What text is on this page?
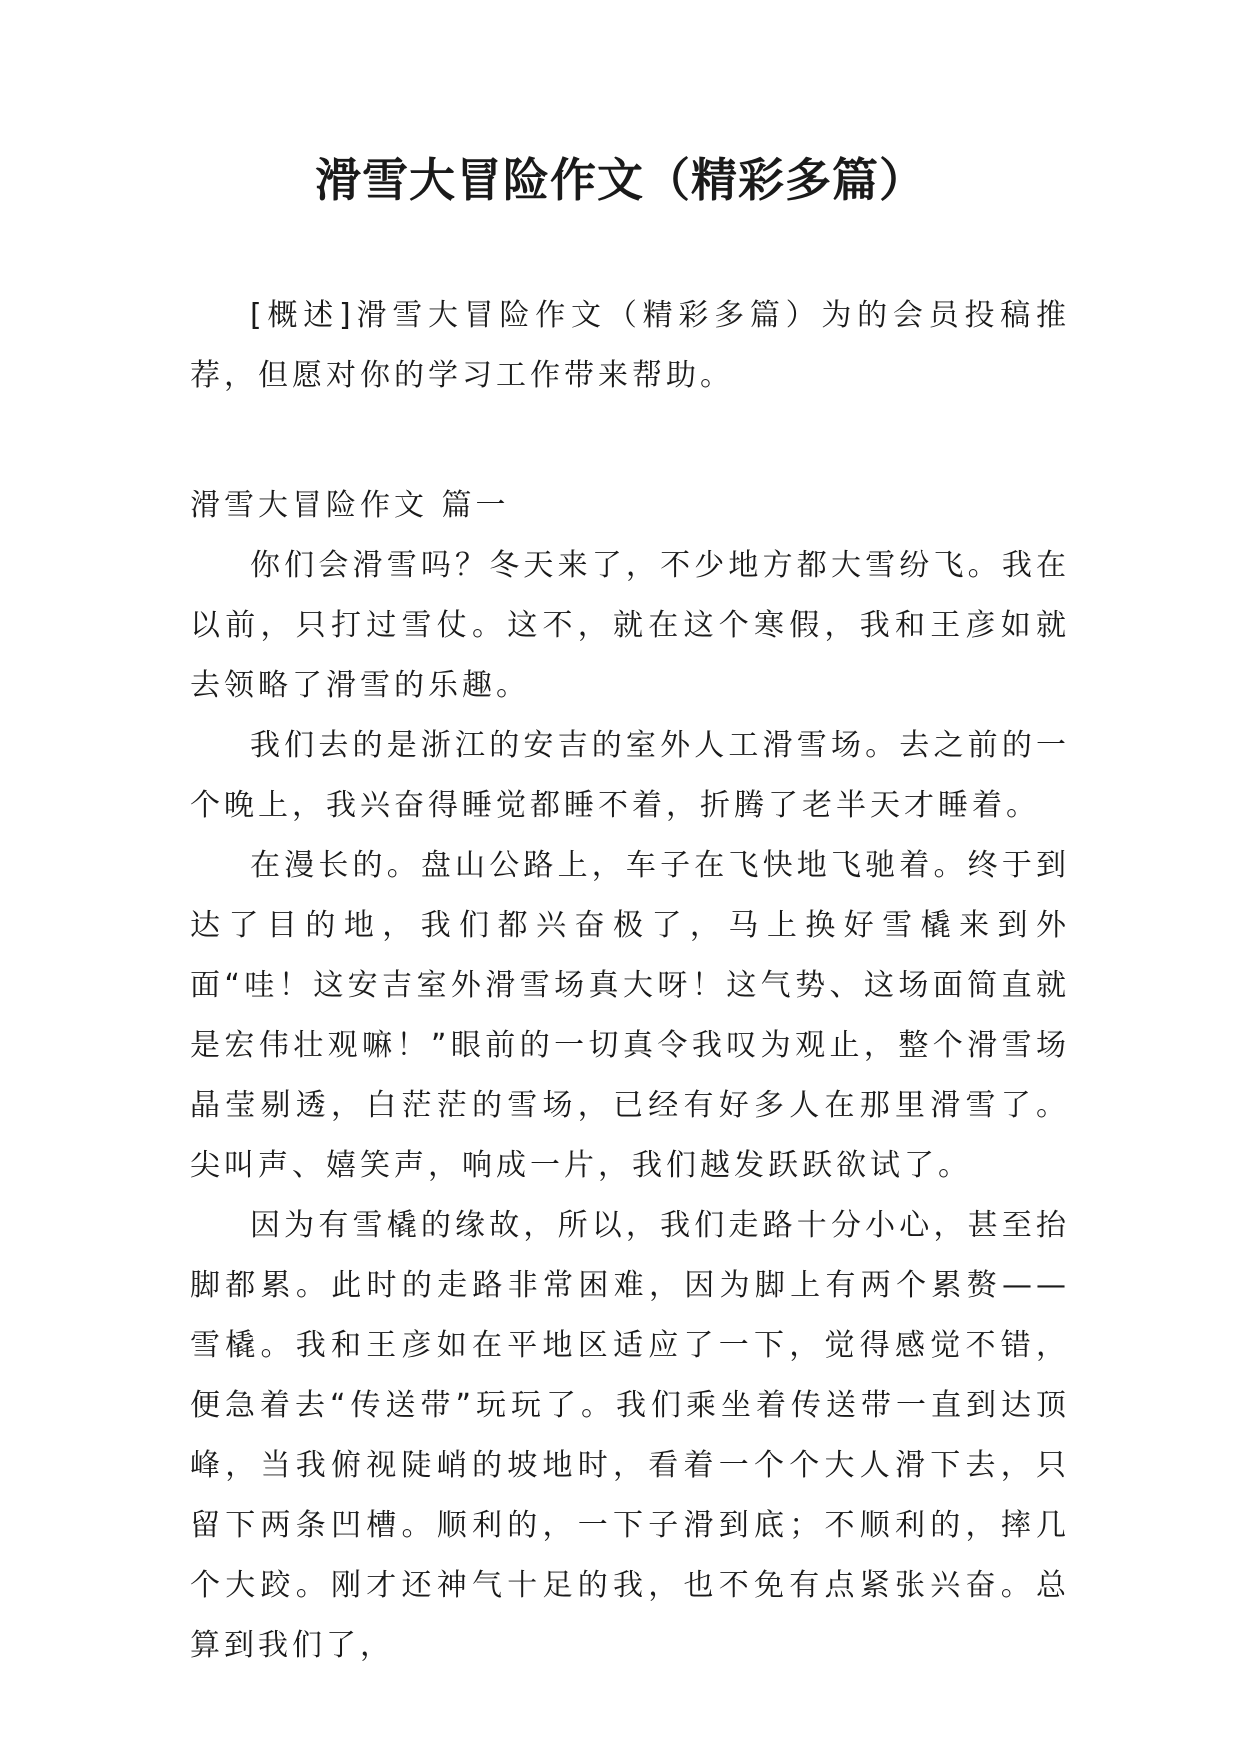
滑雪大冒险作文（精彩多篇）

[概述]滑雪大冒险作文（精彩多篇）为的会员投稿推荐，但愿对你的学习工作带来帮助。

滑雪大冒险作文 篇一

你们会滑雪吗？冬天来了，不少地方都大雪纷飞。我在以前，只打过雪仗。这不，就在这个寒假，我和王彦如就去领略了滑雪的乐趣。

我们去的是浙江的安吉的室外人工滑雪场。去之前的一个晚上，我兴奋得睡觉都睡不着，折腾了老半天才睡着。

在漫长的。盘山公路上，车子在飞快地飞驰着。终于到达了目的地，我们都兴奋极了，马上换好雪橇来到外面“哇！这安吉室外滑雪场真大呀！这气势、这场面简直就是宏伟壮观嘛！”眼前的一切真令我叹为观止，整个滑雪场晶莹剔透，白茫茫的雪场，已经有好多人在那里滑雪了。尖叫声、嬉笑声，响成一片，我们越发跃跃欲试了。

因为有雪橇的缘故，所以，我们走路十分小心，甚至抬脚都累。此时的走路非常困难，因为脚上有两个累赘——雪橇。我和王彦如在平地区适应了一下，觉得感觉不错，便急着去“传送带”玩玩了。我们乘坐着传送带一直到达顶峰，当我俯视陡峭的坡地时，看着一个个大人滑下去，只留下两条凹槽。顺利的，一下子滑到底；不顺利的，摔几个大跤。刚才还神气十足的我，也不免有点紧张兴奋。总算到我们了，
